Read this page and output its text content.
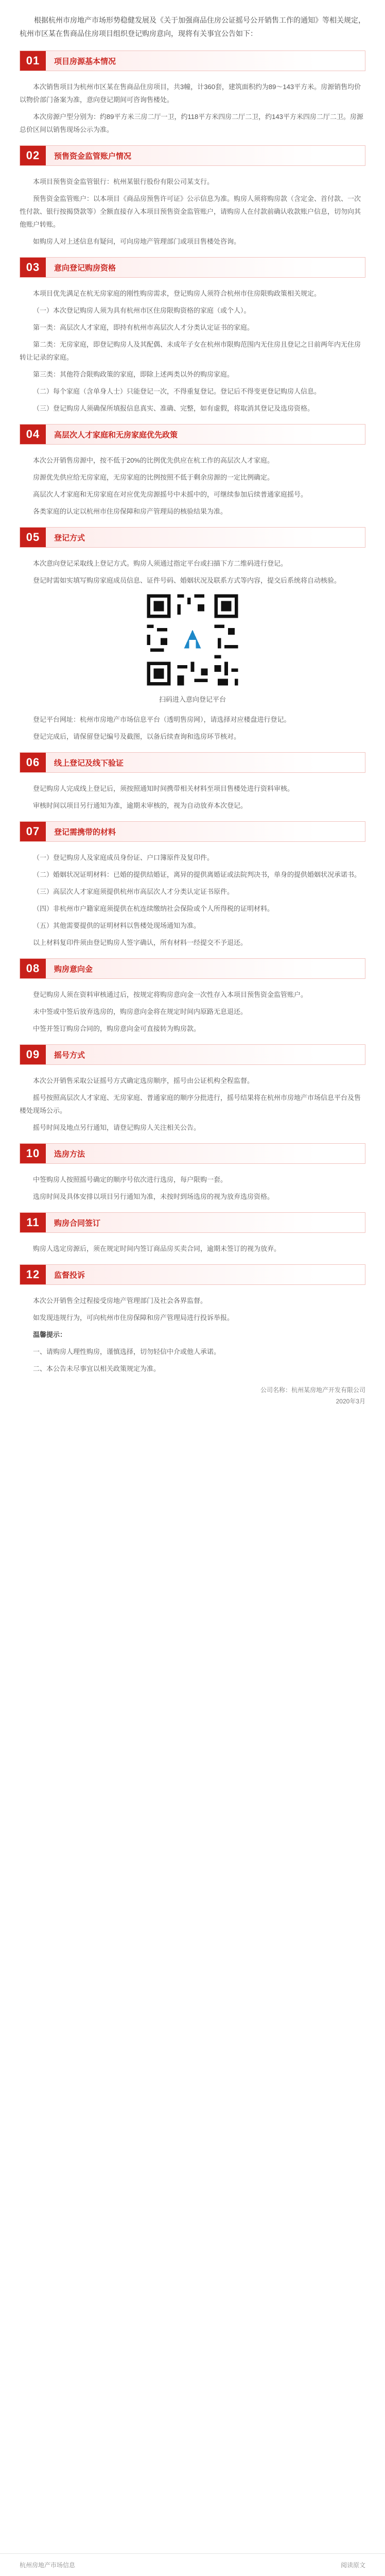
根据杭州市房地产市场形势稳健发展及《关于加强商品住房公证摇号公开销售工作的通知》等相关规定，杭州市区某在售商品住房项目组织登记购房意向，现将有关事宜公告如下：

01	项目房源基本情况

本次销售项目为杭州市区某在售商品住房项目，共3幢，计360套，建筑面积约为89～143平方米。房源销售均价以物价部门备案为准，意向登记期间可咨询售楼处。

本次房源户型分别为：约89平方米三房二厅一卫，约118平方米四房二厅二卫，约143平方米四房二厅二卫。房源总价区间以销售现场公示为准。

02	预售资金监管账户情况

本项目预售资金监管银行：杭州某银行股份有限公司某支行。

预售资金监管账户：以本项目《商品房预售许可证》公示信息为准。购房人须将购房款（含定金、首付款、一次性付款、银行按揭贷款等）全额直接存入本项目预售资金监管账户，请购房人在付款前确认收款账户信息，切勿向其他账户转账。

如购房人对上述信息有疑问，可向房地产管理部门或项目售楼处咨询。

03	意向登记购房资格

本项目优先满足在杭无房家庭的刚性购房需求，登记购房人须符合杭州市住房限购政策相关规定。

（一）本次登记购房人须为具有杭州市区住房限购资格的家庭（或个人）。

第一类：高层次人才家庭，即持有杭州市高层次人才分类认定证书的家庭。

第二类：无房家庭，即登记购房人及其配偶、未成年子女在杭州市限购范围内无住房且登记之日前两年内无住房转让记录的家庭。

第三类：其他符合限购政策的家庭，即除上述两类以外的购房家庭。

（二）每个家庭（含单身人士）只能登记一次，不得重复登记。登记后不得变更登记购房人信息。

（三）登记购房人须确保所填报信息真实、准确、完整，如有虚假，将取消其登记及选房资格。

04	高层次人才家庭和无房家庭优先政策

本次公开销售房源中，按不低于20%的比例优先供应在杭工作的高层次人才家庭。

房源优先供应给无房家庭，无房家庭的比例按照不低于剩余房源的一定比例确定。

高层次人才家庭和无房家庭在对应优先房源摇号中未摇中的，可继续参加后续普通家庭摇号。

各类家庭的认定以杭州市住房保障和房产管理局的核验结果为准。

05	登记方式

本次意向登记采取线上登记方式。购房人须通过指定平台或扫描下方二维码进行登记。

登记时需如实填写购房家庭成员信息、证件号码、婚姻状况及联系方式等内容，提交后系统将自动核验。

扫码进入意向登记平台

登记平台网址：杭州市房地产市场信息平台（透明售房网），请选择对应楼盘进行登记。

登记完成后，请保留登记编号及截图，以备后续查询和选房环节核对。

06	线上登记及线下验证

登记购房人完成线上登记后，须按照通知时间携带相关材料至项目售楼处进行资料审核。

审核时间以项目另行通知为准，逾期未审核的，视为自动放弃本次登记。

07	登记需携带的材料

（一）登记购房人及家庭成员身份证、户口簿原件及复印件。

（二）婚姻状况证明材料：已婚的提供结婚证，离异的提供离婚证或法院判决书，单身的提供婚姻状况承诺书。

（三）高层次人才家庭须提供杭州市高层次人才分类认定证书原件。

（四）非杭州市户籍家庭须提供在杭连续缴纳社会保险或个人所得税的证明材料。

（五）其他需要提供的证明材料以售楼处现场通知为准。

以上材料复印件须由登记购房人签字确认，所有材料一经提交不予退还。

08	购房意向金

登记购房人须在资料审核通过后，按规定将购房意向金一次性存入本项目预售资金监管账户。

未中签或中签后放弃选房的，购房意向金将在规定时间内原路无息退还。

中签并签订购房合同的，购房意向金可直接转为购房款。

09	摇号方式

本次公开销售采取公证摇号方式确定选房顺序，摇号由公证机构全程监督。

摇号按照高层次人才家庭、无房家庭、普通家庭的顺序分批进行，摇号结果将在杭州市房地产市场信息平台及售楼处现场公示。

摇号时间及地点另行通知，请登记购房人关注相关公告。

10	选房方法

中签购房人按照摇号确定的顺序号依次进行选房，每户限购一套。

选房时间及具体安排以项目另行通知为准，未按时到场选房的视为放弃选房资格。

11	购房合同签订

购房人选定房源后，须在规定时间内签订商品房买卖合同，逾期未签订的视为放弃。

12	监督投诉

本次公开销售全过程接受房地产管理部门及社会各界监督。

如发现违规行为，可向杭州市住房保障和房产管理局进行投诉举报。

温馨提示：

一、请购房人理性购房，谨慎选择，切勿轻信中介或他人承诺。

二、本公告未尽事宜以相关政策规定为准。

公司名称：杭州某房地产开发有限公司
2020年3月
杭州房地产市场信息	阅读原文
